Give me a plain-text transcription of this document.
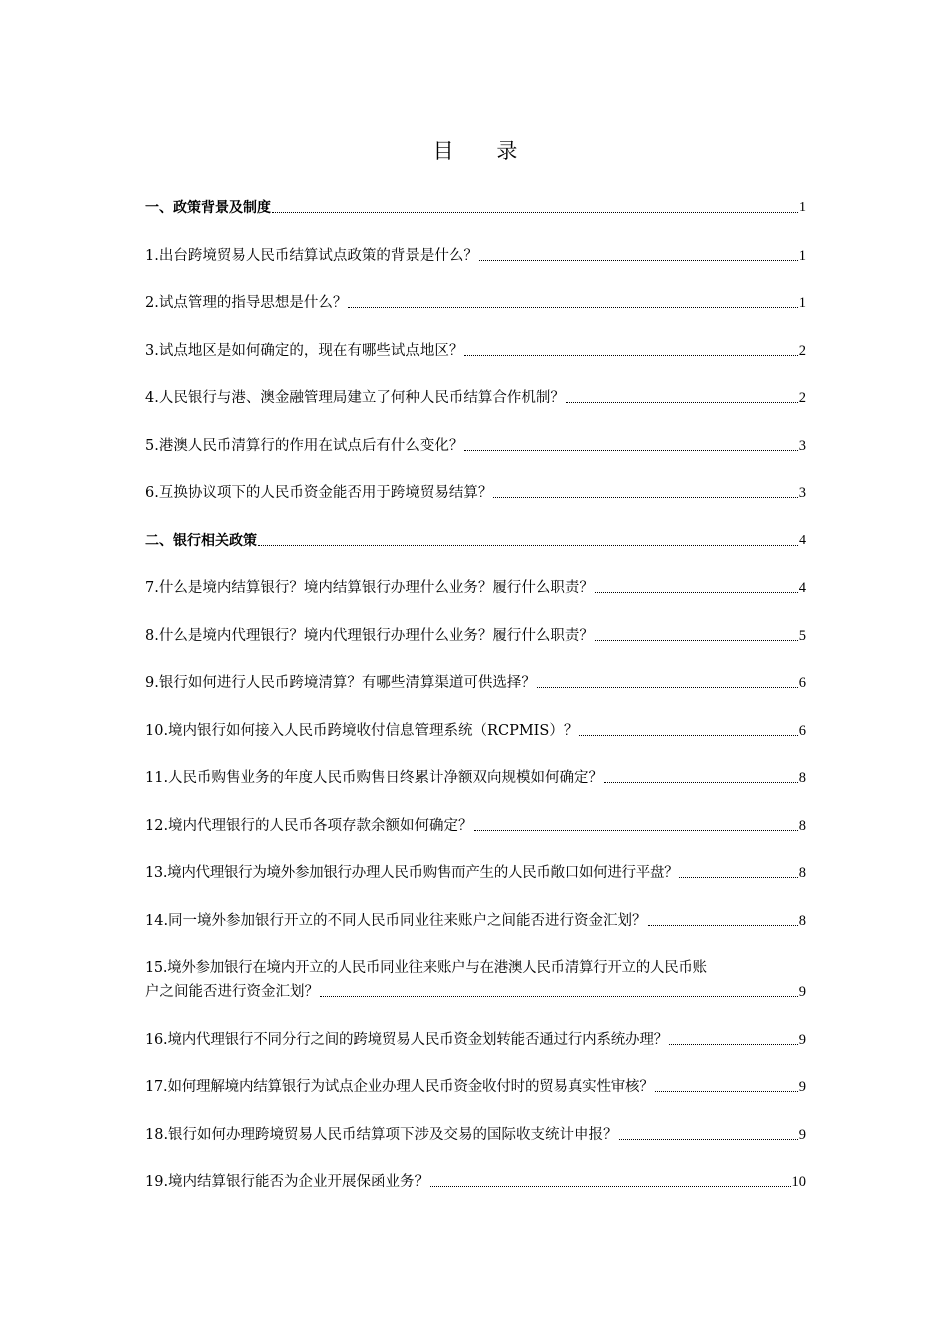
目 录
一、政策背景及制度	1
1.出台跨境贸易人民币结算试点政策的背景是什么？	1
2.试点管理的指导思想是什么？	1
3.试点地区是如何确定的，现在有哪些试点地区？	2
4.人民银行与港、澳金融管理局建立了何种人民币结算合作机制？	2
5.港澳人民币清算行的作用在试点后有什么变化？	3
6.互换协议项下的人民币资金能否用于跨境贸易结算？	3
二、银行相关政策	4
7.什么是境内结算银行？境内结算银行办理什么业务？履行什么职责？	4
8.什么是境内代理银行？境内代理银行办理什么业务？履行什么职责？	5
9.银行如何进行人民币跨境清算？有哪些清算渠道可供选择？	6
10.境内银行如何接入人民币跨境收付信息管理系统（RCPMIS）？	6
11.人民币购售业务的年度人民币购售日终累计净额双向规模如何确定？	8
12.境内代理银行的人民币各项存款余额如何确定？	8
13.境内代理银行为境外参加银行办理人民币购售而产生的人民币敞口如何进行平盘？	8
14.同一境外参加银行开立的不同人民币同业往来账户之间能否进行资金汇划？	8
15.境外参加银行在境内开立的人民币同业往来账户与在港澳人民币清算行开立的人民币账
户之间能否进行资金汇划？	9
16.境内代理银行不同分行之间的跨境贸易人民币资金划转能否通过行内系统办理？	9
17.如何理解境内结算银行为试点企业办理人民币资金收付时的贸易真实性审核？	9
18.银行如何办理跨境贸易人民币结算项下涉及交易的国际收支统计申报？	9
19.境内结算银行能否为企业开展保函业务？	10
